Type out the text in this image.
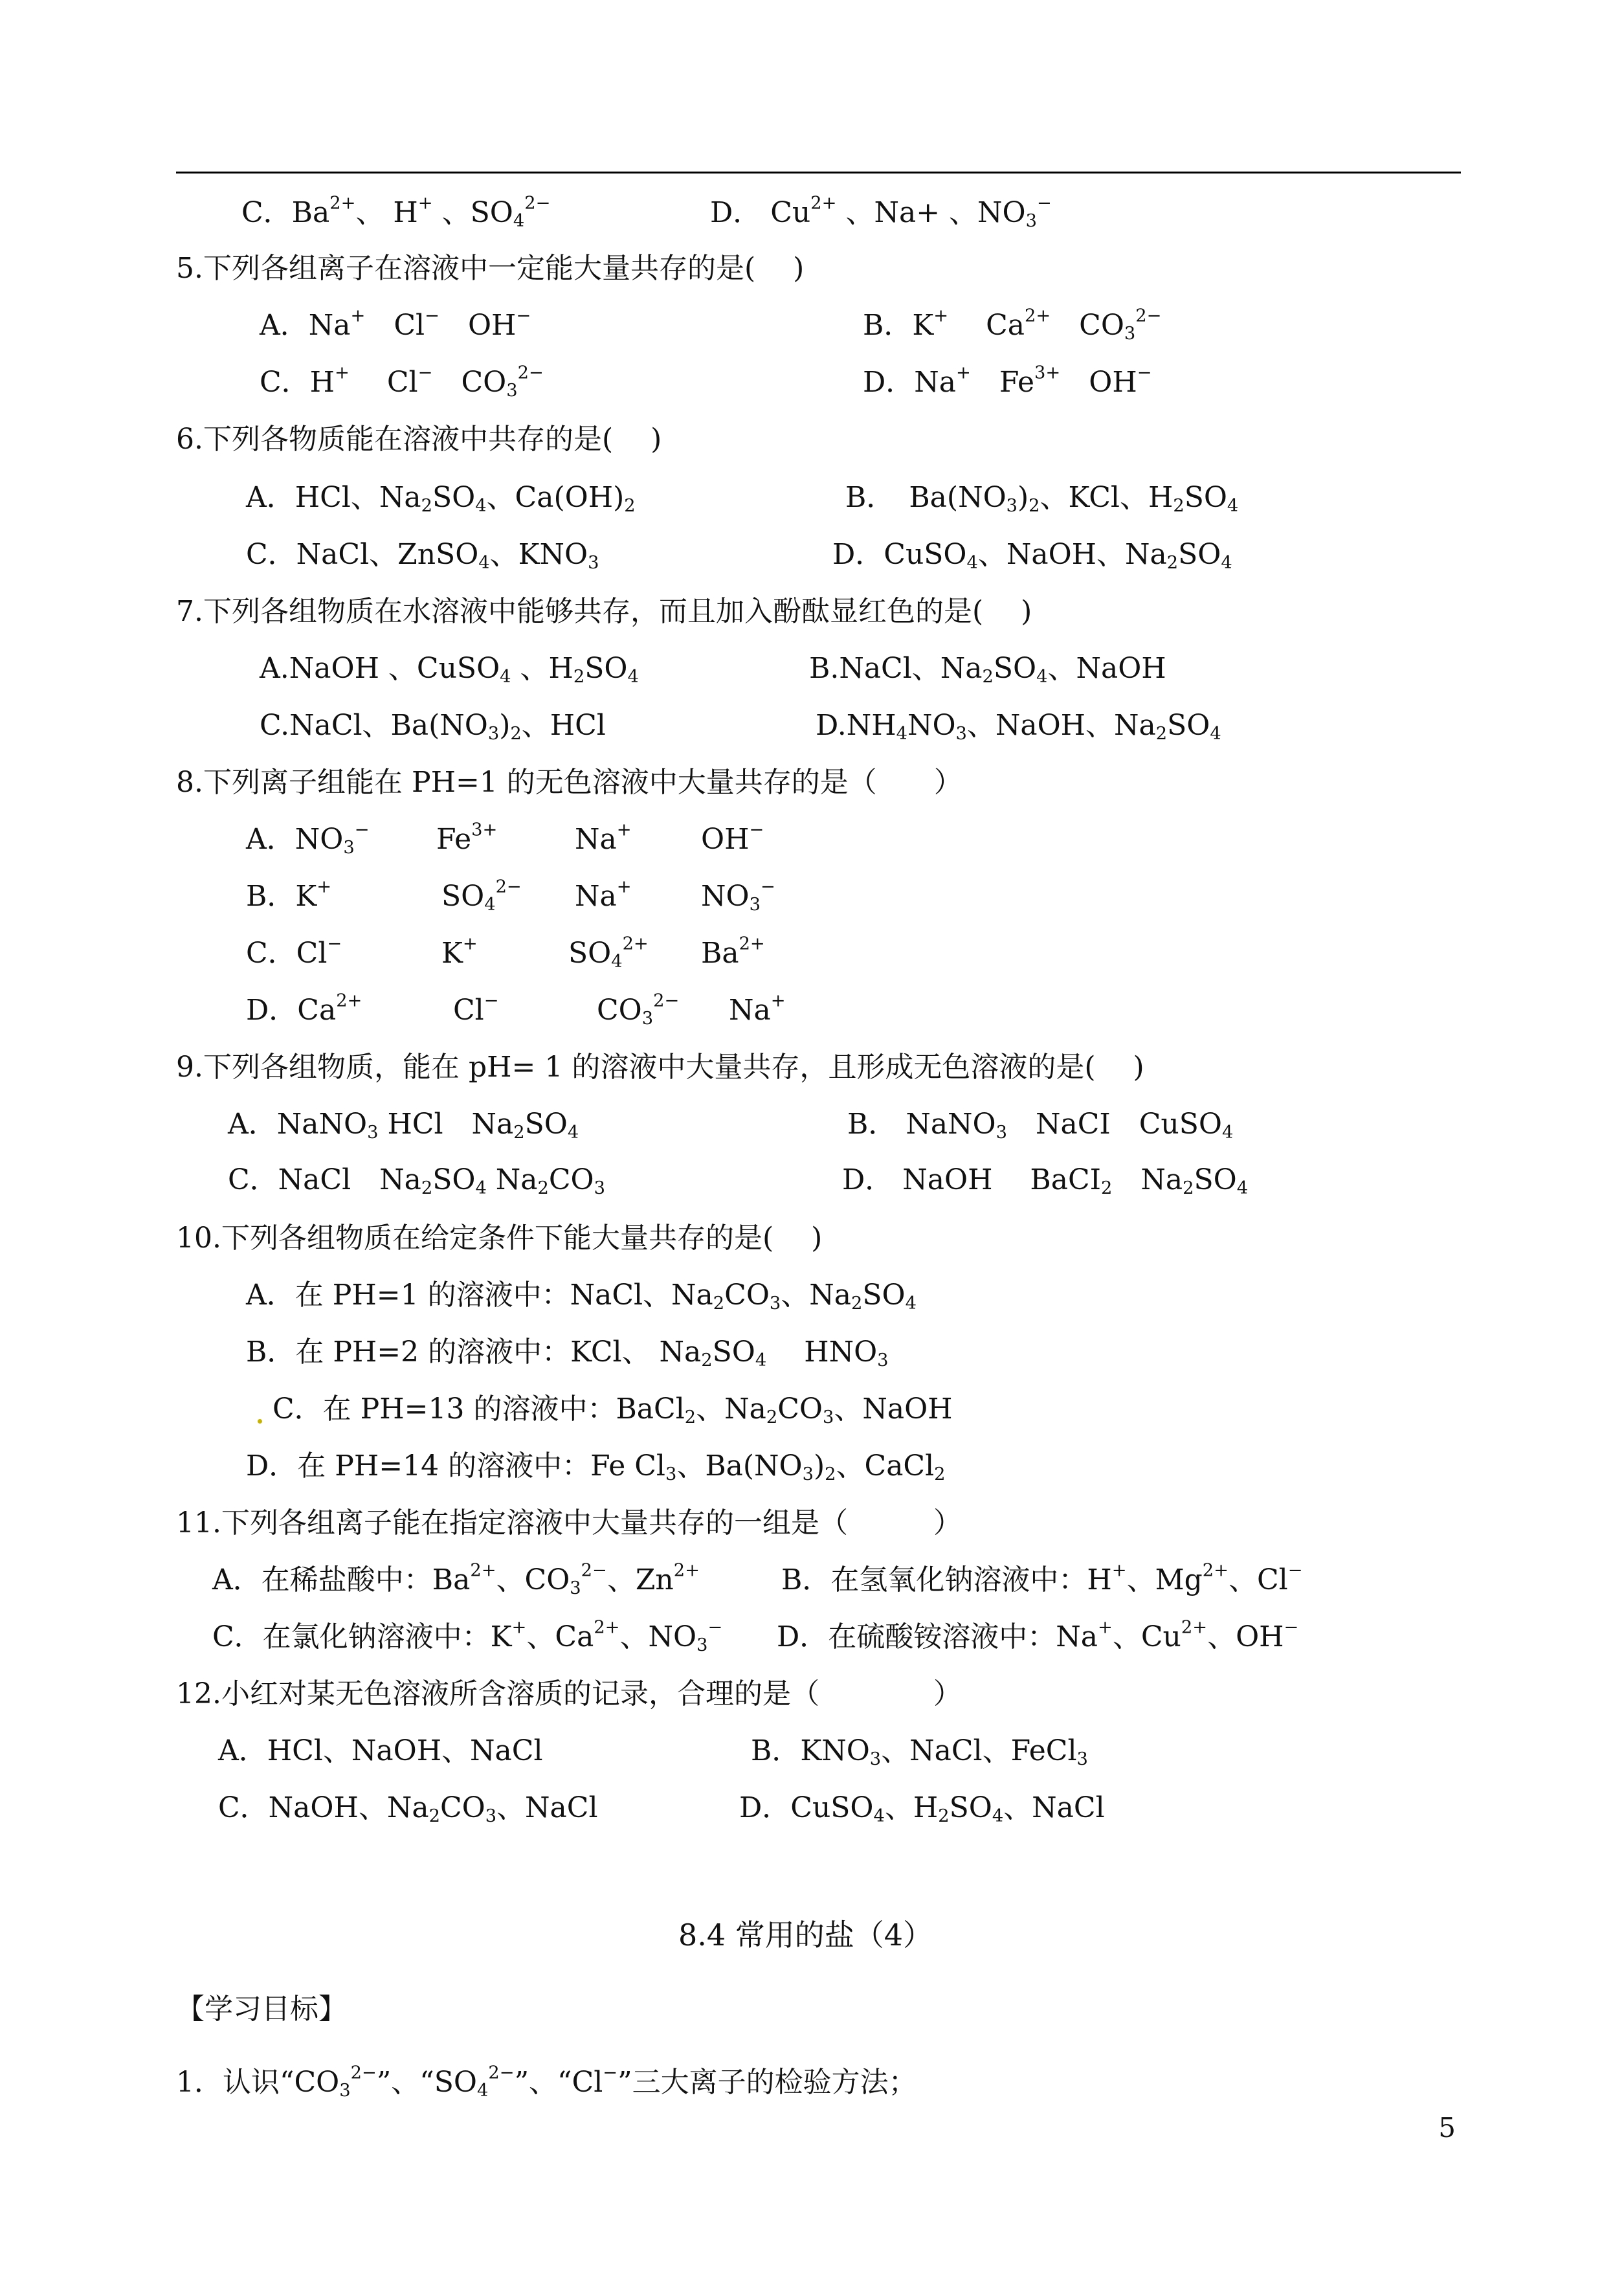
C．$Ba^{2+}$、 H+ 、$SO_4^{2-}$	D． $Cu^{2+}$ 、Na+ 、$NO_3^-$
5.下列各组离子在溶液中一定能大量共存的是(　 )
A．Na+　Cl−　OH−	B．K+　 $Ca^{2+}$　$CO_3^{2-}$
C．H+　 Cl−　$CO_3^{2-}$	D．Na+　$Fe^{3+}$　OH−
6.下列各物质能在溶液中共存的是(　 )
A．HCl、$Na_2SO_4$、$Ca(OH)_2$	B．　$Ba(NO_3)_2$、KCl、$H_2SO_4$
C．NaCl、ZnSO$_4$、$KNO_3$	D．CuSO$_4$、NaOH、$Na_2SO_4$
7.下列各组物质在水溶液中能够共存，而且加入酚酞显红色的是(　 )
A.NaOH 、CuSO$_4$ 、$H_2SO_4$	B.NaCl、$Na_2SO_4$、NaOH
C.NaCl、$Ba(NO_3)_2$、HCl	$D.NH_4NO_3$、NaOH、$Na_2SO_4$
8.下列离子组能在 PH=1 的无色溶液中大量共存的是（　　）
A．$NO_3^-$ $Fe^{3+}$	Na+ OH−
B．K+	$SO_4^{2-}$ Na+ $NO_3^-$
C．Cl−	K+	$SO_4^{2+}$ $Ba^{2+}$
D．$Ca^{2+}$	Cl−	$CO_3^{2-}$ Na+
9.下列各组物质，能在 pH= 1 的溶液中大量共存，且形成无色溶液的是(　 )
A．NaNO$_3$ HCl　$Na_2SO_4$	B． NaNO$_3$　NaCI　CuSO$_4$
C．NaCl　$Na_2SO_4$ $Na_2CO_3$	D． NaOH　 BaCI$_2$　$Na_2SO_4$
10.下列各组物质在给定条件下能大量共存的是(　 )
A．在 PH=1 的溶液中：NaCl、$Na_2CO_3$、$Na_2SO_4$
B．在 PH=2 的溶液中：KCl、 $Na_2SO_4$　 $HNO_3$
C．在 PH=13 的溶液中：BaCl$_2$、$Na_2CO_3$、NaOH
D．在 PH=14 的溶液中：Fe $Cl_3$、$Ba(NO_3)_2$、CaCl$_2$
11.下列各组离子能在指定溶液中大量共存的一组是（　　　）
A．在稀盐酸中：$Ba^{2+}$、$CO_3^{2-}$、$Zn^{2+}$	B．在氢氧化钠溶液中：H+、$Mg^{2+}$、Cl−
C．在氯化钠溶液中：K+、$Ca^{2+}$、$NO_3^-$ D．在硫酸铵溶液中：Na+、$Cu^{2+}$、OH−
12.小红对某无色溶液所含溶质的记录，合理的是（　　　　）
A．HCl、NaOH、NaCl	B．$KNO_3$、NaCl、FeCl$_3$
C．NaOH、$Na_2CO_3$、NaCl	D．CuSO$_4$、$H_2SO_4$、NaCl
8.4 常用的盐（4）
【学习目标】
1．认识“$CO_3^{2-}$”、“$SO_4^{2-}$”、“Cl−”三大离子的检验方法；
5
